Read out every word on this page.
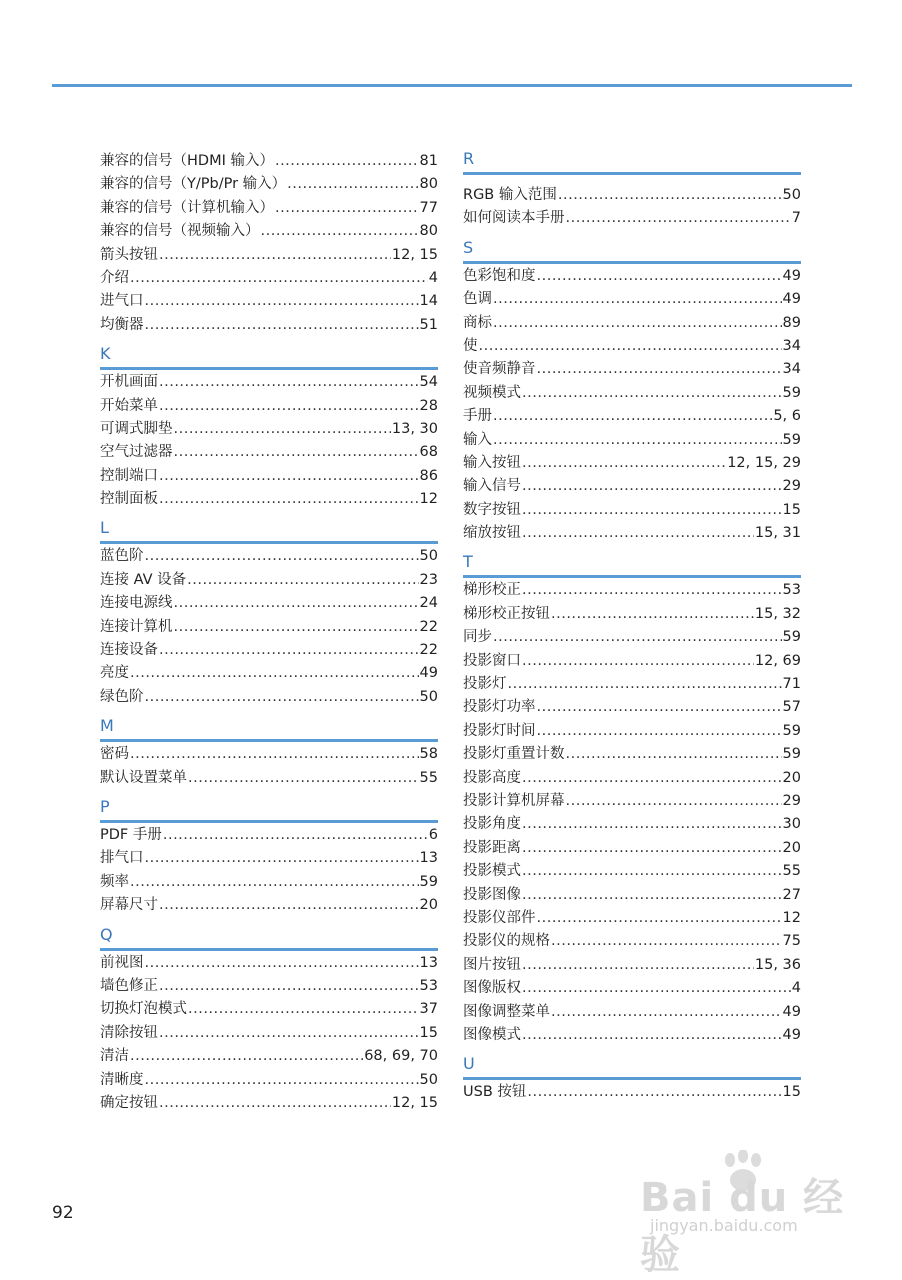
兼容的信号（HDMI 输入） .....	81
兼容的信号（Y/Pb/Pr 输入） .....	80
兼容的信号（计算机输入） .....	77
兼容的信号（视频输入） .....	80
箭头按钮 .....	12, 15
介绍 .....	4
进气口 .....	14
均衡器 .....	51
K
开机画面 .....	54
开始菜单 .....	28
可调式脚垫 .....	13, 30
空气过滤器 .....	68
控制端口 .....	86
控制面板 .....	12
L
蓝色阶 .....	50
连接 AV 设备 .....	23
连接电源线 .....	24
连接计算机 .....	22
连接设备 .....	22
亮度 .....	49
绿色阶 .....	50
M
密码 .....	58
默认设置菜单 .....	55
P
PDF 手册 .....	6
排气口 .....	13
频率 .....	59
屏幕尺寸 .....	20
Q
前视图 .....	13
墙色修正 .....	53
切换灯泡模式 .....	37
清除按钮 .....	15
清洁 .....	68, 69, 70
清晰度 .....	50
确定按钮 .....	12, 15
R
RGB 输入范围 .....	50
如何阅读本手册 .....	7
S
色彩饱和度 .....	49
色调 .....	49
商标 .....	89
使 .....	34
使音频静音 .....	34
视频模式 .....	59
手册 .....	5, 6
输入 .....	59
输入按钮 .....	12, 15, 29
输入信号 .....	29
数字按钮 .....	15
缩放按钮 .....	15, 31
T
梯形校正 .....	53
梯形校正按钮 .....	15, 32
同步 .....	59
投影窗口 .....	12, 69
投影灯 .....	71
投影灯功率 .....	57
投影灯时间 .....	59
投影灯重置计数 .....	59
投影高度 .....	20
投影计算机屏幕 .....	29
投影角度 .....	30
投影距离 .....	20
投影模式 .....	55
投影图像 .....	27
投影仪部件 .....	12
投影仪的规格 .....	75
图片按钮 .....	15, 36
图像版权 .....	4
图像调整菜单 .....	49
图像模式 .....	49
U
USB 按钮 .....	15
92	Bai du 经验
jingyan.baidu.com
